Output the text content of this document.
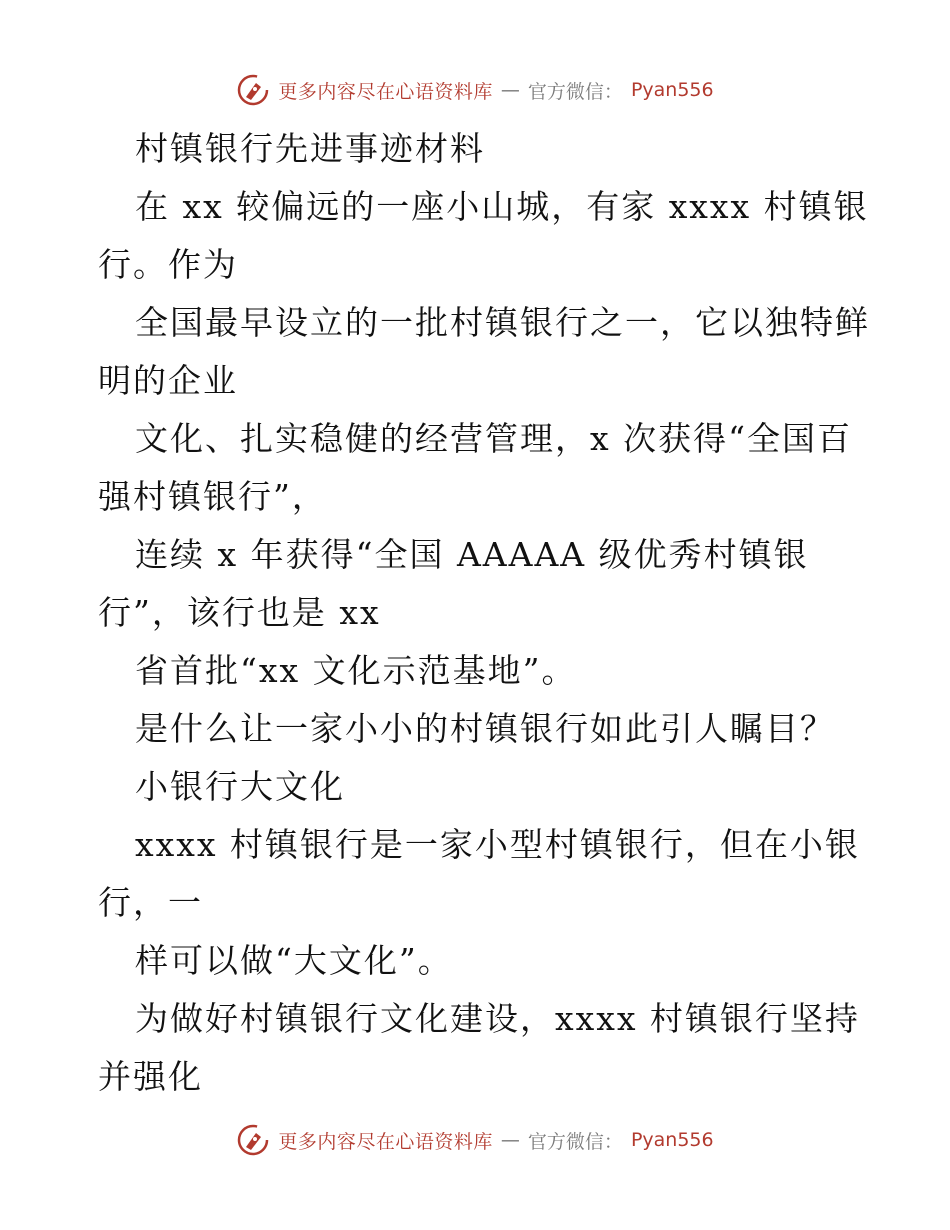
更多内容尽在心语资料库 — 官方微信： Pyan556
村镇银行先进事迹材料
在 xx 较偏远的一座小山城，有家 xxxx 村镇银
行。作为
全国最早设立的一批村镇银行之一，它以独特鲜
明的企业
文化、扎实稳健的经营管理，x 次获得“全国百
强村镇银行”，
连续 x 年获得“全国 AAAAA 级优秀村镇银
行”，该行也是 xx
省首批“xx 文化示范基地”。
是什么让一家小小的村镇银行如此引人瞩目？
小银行大文化
xxxx 村镇银行是一家小型村镇银行，但在小银
行，一
样可以做“大文化”。
为做好村镇银行文化建设，xxxx 村镇银行坚持
并强化
更多内容尽在心语资料库 — 官方微信： Pyan556
